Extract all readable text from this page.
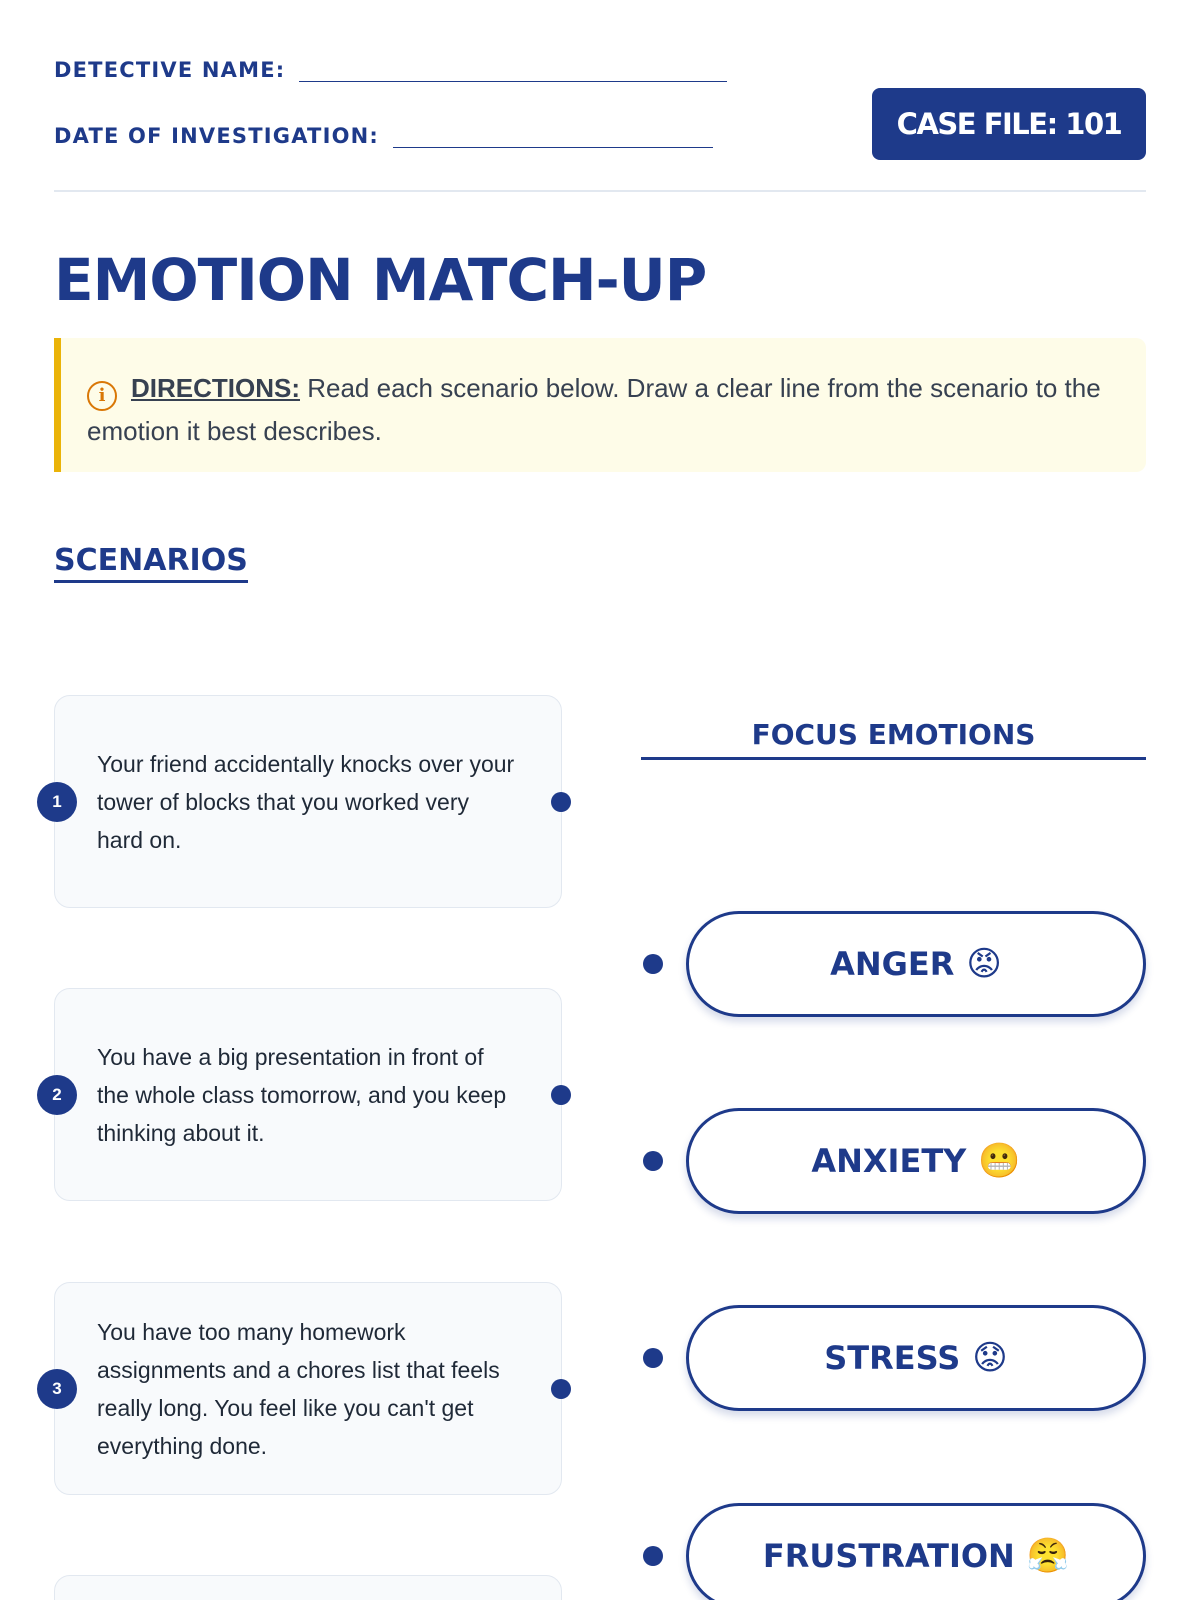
DETECTIVE NAME:
DATE OF INVESTIGATION:	CASE FILE: 101
EMOTION MATCH-UP
i DIRECTIONS: Read each scenario below. Draw a clear line from the scenario to the emotion it best describes.
SCENARIOS
1
Your friend accidentally knocks over your tower of blocks that you worked very hard on.
2
You have a big presentation in front of the whole class tomorrow, and you keep thinking about it.
3
You have too many homework assignments and a chores list that feels really long. You feel like you can't get everything done.
FOCUS EMOTIONS
ANGER 😡
ANXIETY 😬
STRESS 😟
FRUSTRATION 😤
